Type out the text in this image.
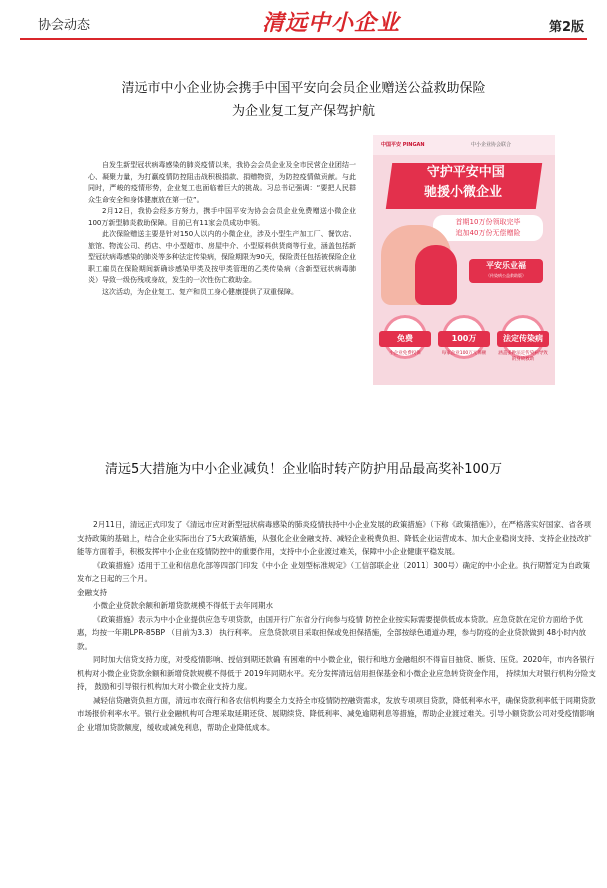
协会动态	清远中小企业	第2版
清远市中小企业协会携手中国平安向会员企业赠送公益救助保险
为企业复工复产保驾护航

自发生新型冠状病毒感染的肺炎疫情以来，我协会会员企业及全市民营企业团结一心、凝聚力量，为打赢疫情防控阻击战积极捐款、捐赠物资，为防控疫情做贡献。与此同时，严峻的疫情形势，企业复工也面临着巨大的挑战。习总书记强调：“要把人民群众生命安全和身体健康放在第一位”。

2月12日，我协会经多方努力，携手中国平安为协会会员企业免费赠送小微企业100万新型肺炎救助保障。目前已有11家会员成功申领。

此次保险赠送主要是针对150人以内的小微企业，涉及小型生产加工厂、餐饮店、旅馆、物流公司、药店、中小型超市、房屋中介、小型原料供货商等行业，涵盖包括新型冠状病毒感染的肺炎等多种法定传染病，保险期限为90天，保险责任包括被保险企业职工雇员在保险期间新确诊感染甲类及按甲类管理的乙类传染病（含新型冠状病毒肺炎）导致一级伤残或身故，发生的一次性伤亡救助金。

这次活动，为企业复工、复产和员工身心健康提供了双重保障。

中国平安 PINGAN	中小企业协会联合
守护平安中国
驰援小微企业
首期10万份领取完毕
追加40万份无偿赠险
平安乐业福
（传染病公益救助版）
免费	100万	法定传染病
小企业免费投保	每家企业100万元保额	涵盖多种法定传染病导致的身故救助
清远5大措施为中小企业减负！企业临时转产防护用品最高奖补100万

2月11日，清远正式印发了《清远市应对新型冠状病毒感染的肺炎疫情扶持中小企业发展的政策措施》（下称《政策措施》），在严格落实好国家、省各项支持政策的基础上，结合企业实际出台了5大政策措施，从强化企业金融支持、减轻企业税费负担、降低企业运营成本、加大企业稳岗支持、支持企业技改扩能等方面着手，积极发挥中小企业在疫情防控中的重要作用，支持中小企业渡过难关，保障中小企业健康平稳发展。

《政策措施》适用于工业和信息化部等四部门印发《中小企 业划型标准规定》（工信部联企业〔2011〕300号）确定的中小企业。执行期暂定为自政策发布之日起的三个月。

金融支持

小微企业贷款余额和新增贷款规模不得低于去年同期水

《政策措施》表示为中小企业提供应急专项贷款，由国开行广东省分行向参与疫情 防控企业按实际需要提供低成本贷款。应急贷款在定价方面给予优惠，均按一年期LPR-85BP （目前为3.3） 执行利率。 应急贷款项目采取担保或免担保措施，全部按绿色通道办理，参与防疫的企业贷款做到 48小时内放款。

同时加大信贷支持力度，对受疫情影响、授信到期还款确 有困难的中小微企业，银行和地方金融组织不得盲目抽贷、断贷、压贷。2020年，市内各银行机构对小微企业贷款余额和新增贷款规模不得低于 2019年同期水平。充分发挥清远信用担保基金和小微企业应急转贷资金作用， 持续加大对银行机构分险支持， 鼓励和引导银行机构加大对小微企业支持力度。

减轻信贷融资负担方面，清远市农商行和各农信机构要全力支持全市疫情防控融资需求，发放专项项目贷款，降低利率水平，确保贷款利率低于同期贷款市场报价利率水平。银行业金融机构可合理采取延期还贷、展期续贷、降低利率、减免逾期利息等措施，帮助企业渡过难关。引导小额贷款公司对受疫情影响企 业增加贷款额度，缓收或减免利息，帮助企业降低成本。
